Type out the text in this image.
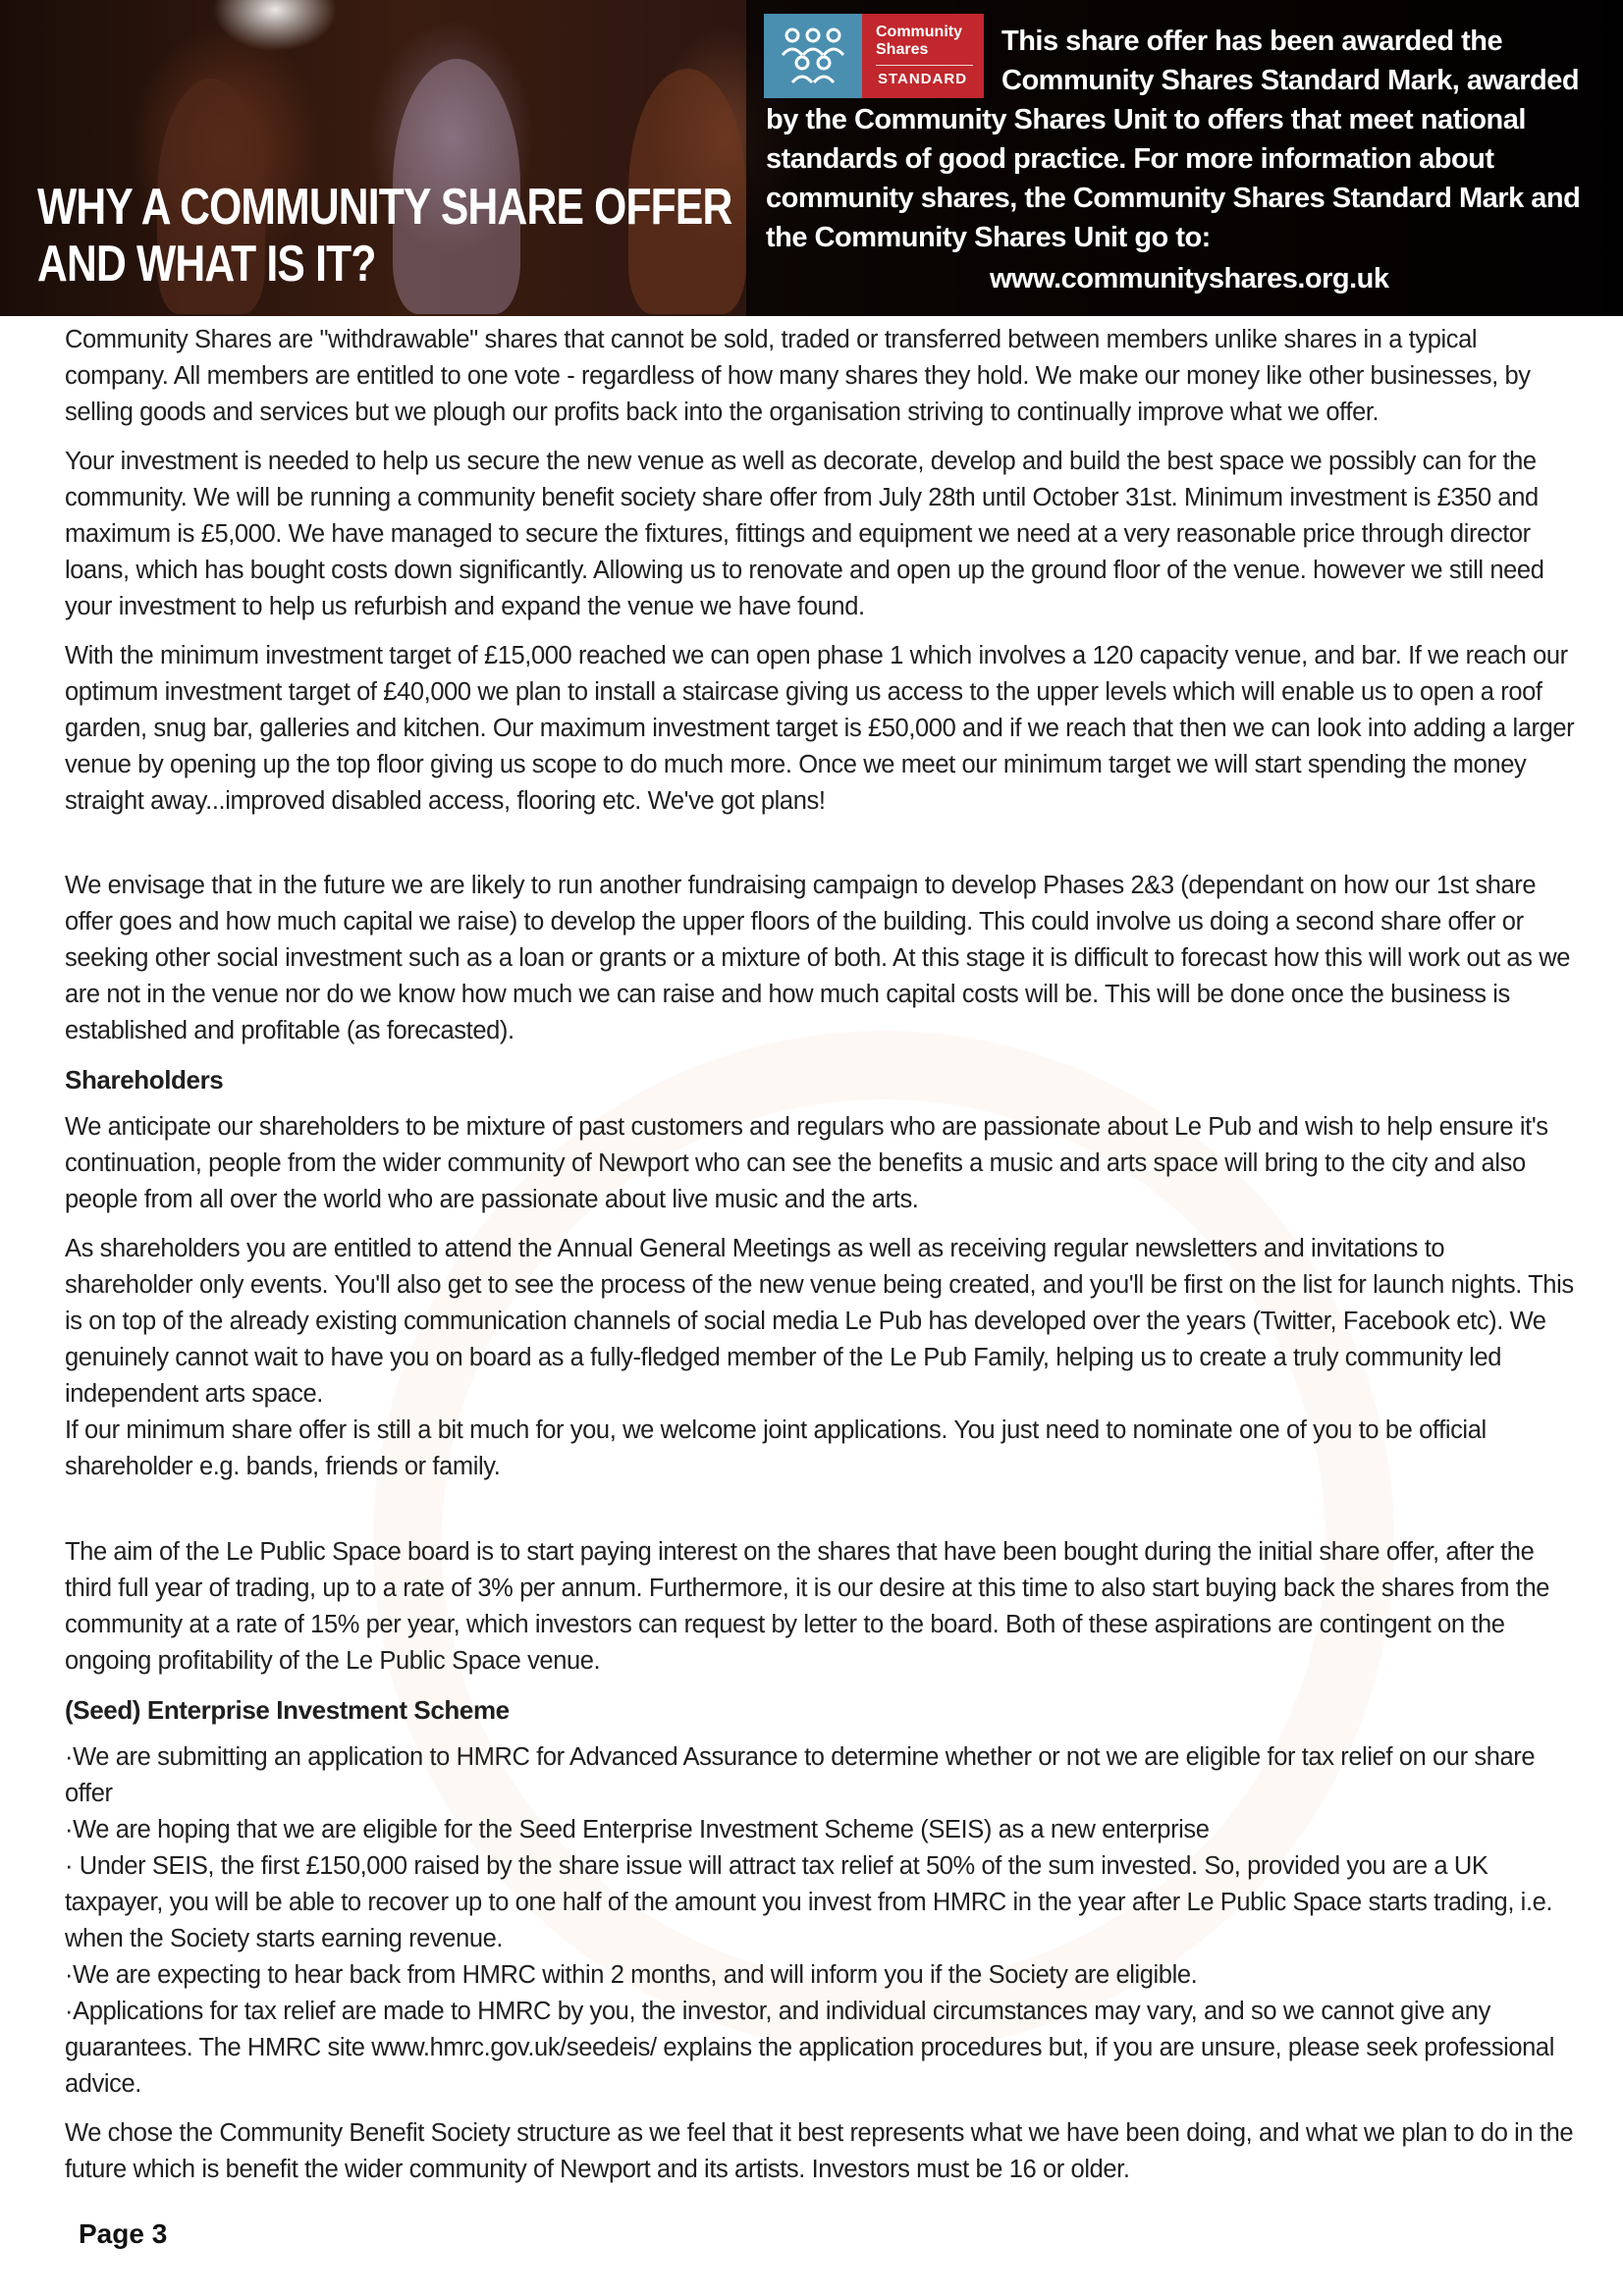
WHY A COMMUNITY SHARE OFFER
AND WHAT IS IT?
Community
Shares
STANDARD
This share offer has been awarded the Community Shares Standard Mark, awarded
by the Community Shares Unit to offers that meet national standards of good practice. For more information about community shares, the Community Shares Standard Mark and the Community Shares Unit go to:
www.communityshares.org.uk

Community Shares are "withdrawable" shares that cannot be sold, traded or transferred between members unlike shares in a typical company. All members are entitled to one vote - regardless of how many shares they hold. We make our money like other businesses, by selling goods and services but we plough our profits back into the organisation striving to continually improve what we offer.

Your investment is needed to help us secure the new venue as well as decorate, develop and build the best space we possibly can for the community. We will be running a community benefit society share offer from July 28th until October 31st. Minimum investment is £350 and maximum is £5,000. We have managed to secure the fixtures, fittings and equipment we need at a very reasonable price through director loans, which has bought costs down significantly. Allowing us to renovate and open up the ground floor of the venue. however we still need your investment to help us refurbish and expand the venue we have found.

With the minimum investment target of £15,000 reached we can open phase 1 which involves a 120 capacity venue, and bar. If we reach our optimum investment target of £40,000 we plan to install a staircase giving us access to the upper levels which will enable us to open a roof garden, snug bar, galleries and kitchen. Our maximum investment target is £50,000 and if we reach that then we can look into adding a larger venue by opening up the top floor giving us scope to do much more. Once we meet our minimum target we will start spending the money straight away...improved disabled access, flooring etc. We've got plans!

We envisage that in the future we are likely to run another fundraising campaign to develop Phases 2&3 (dependant on how our 1st share offer goes and how much capital we raise) to develop the upper floors of the building. This could involve us doing a second share offer or seeking other social investment such as a loan or grants or a mixture of both. At this stage it is difficult to forecast how this will work out as we are not in the venue nor do we know how much we can raise and how much capital costs will be. This will be done once the business is established and profitable (as forecasted).

Shareholders

We anticipate our shareholders to be mixture of past customers and regulars who are passionate about Le Pub and wish to help ensure it's continuation, people from the wider community of Newport who can see the benefits a music and arts space will bring to the city and also people from all over the world who are passionate about live music and the arts.

As shareholders you are entitled to attend the Annual General Meetings as well as receiving regular newsletters and invitations to shareholder only events. You'll also get to see the process of the new venue being created, and you'll be first on the list for launch nights. This is on top of the already existing communication channels of social media Le Pub has developed over the years (Twitter, Facebook etc). We genuinely cannot wait to have you on board as a fully-fledged member of the Le Pub Family, helping us to create a truly community led independent arts space.
If our minimum share offer is still a bit much for you, we welcome joint applications. You just need to nominate one of you to be official shareholder e.g. bands, friends or family.

The aim of the Le Public Space board is to start paying interest on the shares that have been bought during the initial share offer, after the third full year of trading, up to a rate of 3% per annum. Furthermore, it is our desire at this time to also start buying back the shares from the community at a rate of 15% per year, which investors can request by letter to the board. Both of these aspirations are contingent on the ongoing profitability of the Le Public Space venue.

(Seed) Enterprise Investment Scheme

·We are submitting an application to HMRC for Advanced Assurance to determine whether or not we are eligible for tax relief on our share offer
·We are hoping that we are eligible for the Seed Enterprise Investment Scheme (SEIS) as a new enterprise
· Under SEIS, the first £150,000 raised by the share issue will attract tax relief at 50% of the sum invested. So, provided you are a UK taxpayer, you will be able to recover up to one half of the amount you invest from HMRC in the year after Le Public Space starts trading, i.e. when the Society starts earning revenue.
·We are expecting to hear back from HMRC within 2 months, and will inform you if the Society are eligible.
·Applications for tax relief are made to HMRC by you, the investor, and individual circumstances may vary, and so we cannot give any guarantees. The HMRC site www.hmrc.gov.uk/seedeis/ explains the application procedures but, if you are unsure, please seek professional advice.

We chose the Community Benefit Society structure as we feel that it best represents what we have been doing, and what we plan to do in the future which is benefit the wider community of Newport and its artists. Investors must be 16 or older.

Page 3
